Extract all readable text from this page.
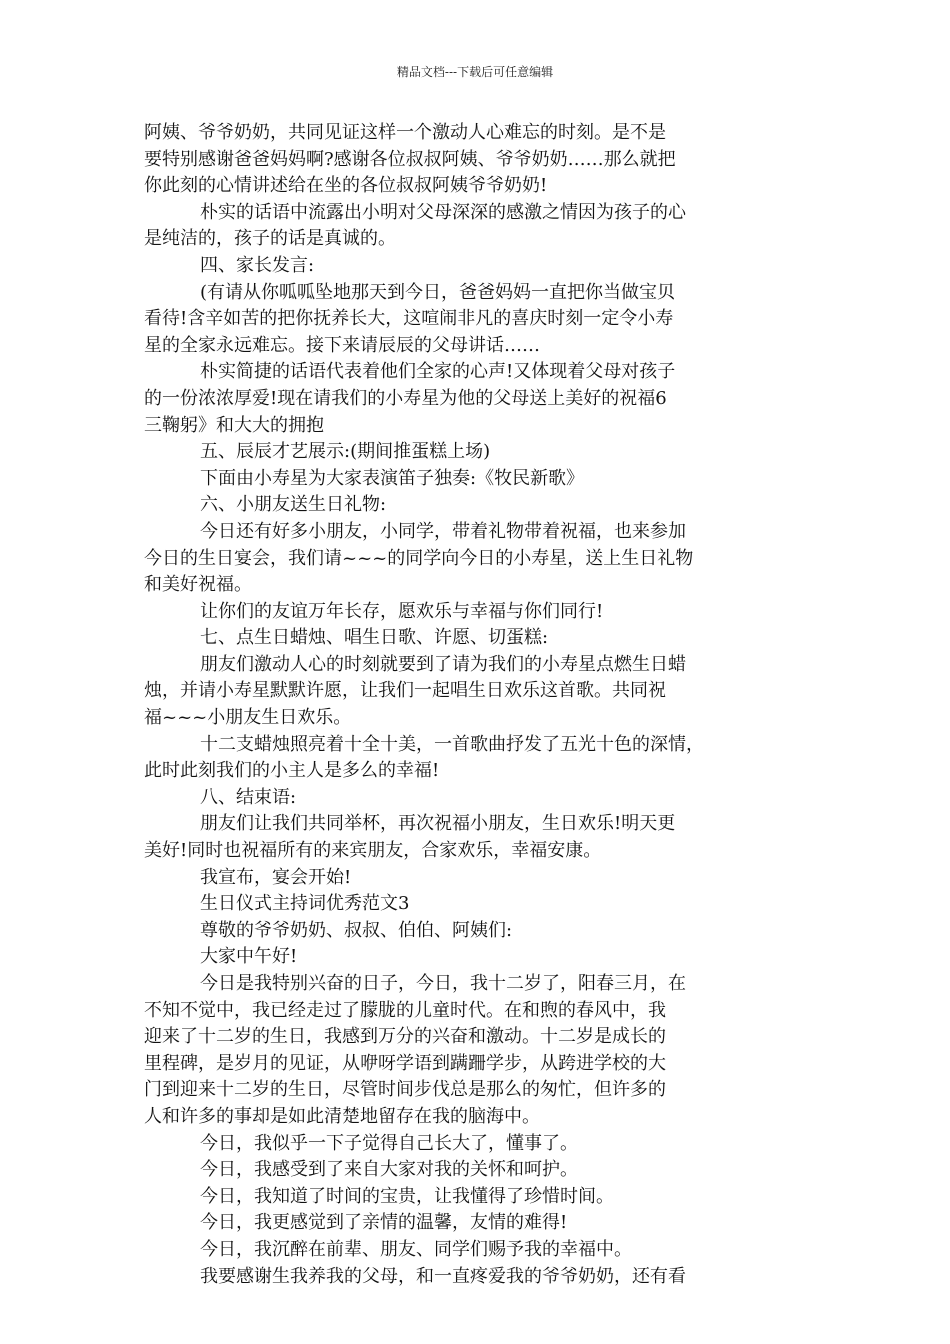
精品文档---下载后可任意编辑
阿姨、爷爷奶奶，共同见证这样一个激动人心难忘的时刻。是不是
要特别感谢爸爸妈妈啊?感谢各位叔叔阿姨、爷爷奶奶……那么就把
你此刻的心情讲述给在坐的各位叔叔阿姨爷爷奶奶!
朴实的话语中流露出小明对父母深深的感激之情因为孩子的心
是纯洁的，孩子的话是真诚的。
四、家长发言:
(有请从你呱呱坠地那天到今日，爸爸妈妈一直把你当做宝贝
看待!含辛如苦的把你抚养长大，这喧闹非凡的喜庆时刻一定令小寿
星的全家永远难忘。接下来请辰辰的父母讲话……
朴实简捷的话语代表着他们全家的心声!又体现着父母对孩子
的一份浓浓厚爱!现在请我们的小寿星为他的父母送上美好的祝福6
三鞠躬》和大大的拥抱
五、辰辰才艺展示:(期间推蛋糕上场)
下面由小寿星为大家表演笛子独奏:《牧民新歌》
六、小朋友送生日礼物:
今日还有好多小朋友，小同学，带着礼物带着祝福，也来参加
今日的生日宴会，我们请~~~的同学向今日的小寿星，送上生日礼物
和美好祝福。
让你们的友谊万年长存，愿欢乐与幸福与你们同行!
七、点生日蜡烛、唱生日歌、许愿、切蛋糕:
朋友们激动人心的时刻就要到了请为我们的小寿星点燃生日蜡
烛，并请小寿星默默许愿，让我们一起唱生日欢乐这首歌。共同祝
福~~~小朋友生日欢乐。
十二支蜡烛照亮着十全十美，一首歌曲抒发了五光十色的深情，
此时此刻我们的小主人是多么的幸福!
八、结束语:
朋友们让我们共同举杯，再次祝福小朋友，生日欢乐!明天更
美好!同时也祝福所有的来宾朋友，合家欢乐，幸福安康。
我宣布，宴会开始!
生日仪式主持词优秀范文3
尊敬的爷爷奶奶、叔叔、伯伯、阿姨们:
大家中午好!
今日是我特别兴奋的日子，今日，我十二岁了，阳春三月，在
不知不觉中，我已经走过了朦胧的儿童时代。在和煦的春风中，我
迎来了十二岁的生日，我感到万分的兴奋和激动。十二岁是成长的
里程碑，是岁月的见证，从咿呀学语到蹒跚学步，从跨进学校的大
门到迎来十二岁的生日，尽管时间步伐总是那么的匆忙，但许多的
人和许多的事却是如此清楚地留存在我的脑海中。
今日，我似乎一下子觉得自己长大了，懂事了。
今日，我感受到了来自大家对我的关怀和呵护。
今日，我知道了时间的宝贵，让我懂得了珍惜时间。
今日，我更感觉到了亲情的温馨，友情的难得!
今日，我沉醉在前辈、朋友、同学们赐予我的幸福中。
我要感谢生我养我的父母，和一直疼爱我的爷爷奶奶，还有看
